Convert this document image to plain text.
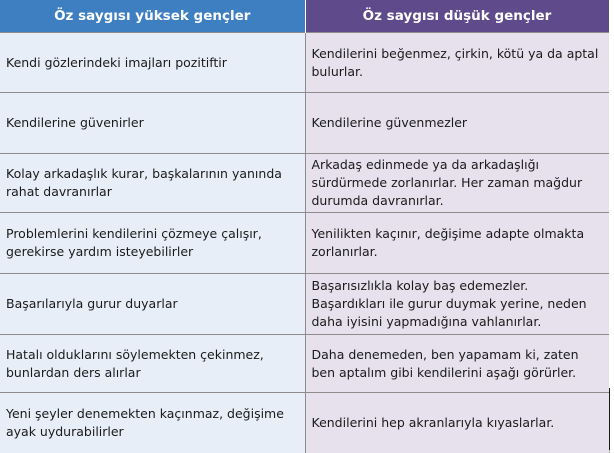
Öz saygısı yüksek gençler	Öz saygısı düşük gençler
Kendi gözlerindeki imajları pozitiftir	Kendilerini beğenmez, çirkin, kötü ya da aptal bulurlar.
Kendilerine güvenirler	Kendilerine güvenmezler
Kolay arkadaşlık kurar, başkalarının yanında rahat davranırlar	Arkadaş edinmede ya da arkadaşlığı sürdürmede zorlanırlar. Her zaman mağdur durumda davranırlar.
Problemlerini kendilerini çözmeye çalışır, gerekirse yardım isteyebilirler	Yenilikten kaçınır, değişime adapte olmakta zorlanırlar.
Başarılarıyla gurur duyarlar	Başarısızlıkla kolay baş edemezler. Başardıkları ile gurur duymak yerine, neden daha iyisini yapmadığına vahlanırlar.
Hatalı olduklarını söylemekten çekinmez, bunlardan ders alırlar	Daha denemeden, ben yapamam ki, zaten ben aptalım gibi kendilerini aşağı görürler.
Yeni şeyler denemekten kaçınmaz, değişime ayak uydurabilirler	Kendilerini hep akranlarıyla kıyaslarlar.
